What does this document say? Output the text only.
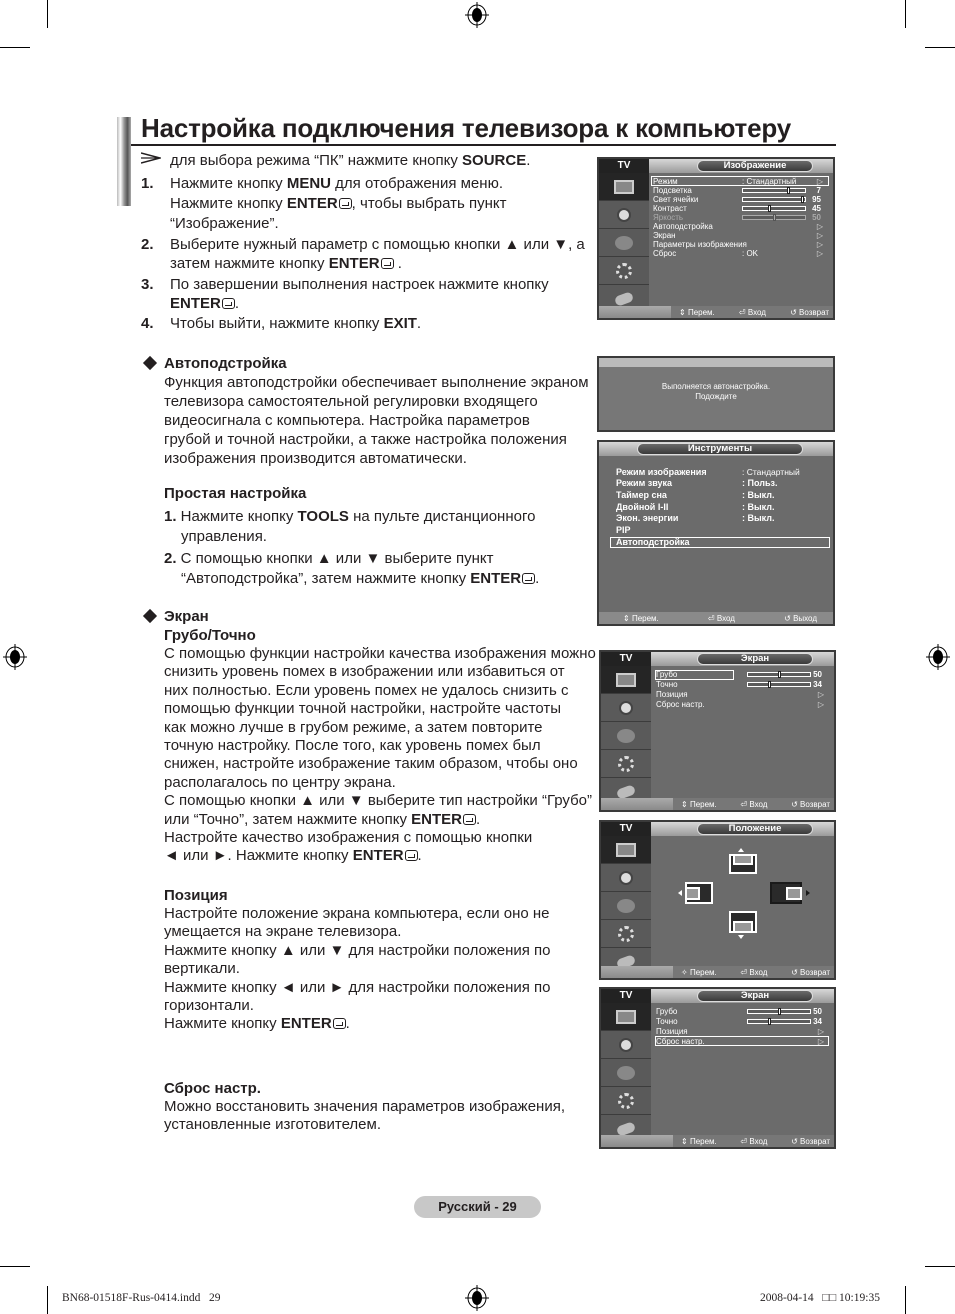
Настройка подключения телевизора к компьютеру
для выбора режима “ПК” нажмите кнопку SOURCE.
1. Нажмите кнопку MENU для отображения меню.
Нажмите кнопку ENTER , чтобы выбрать пункт
“Изображение”.
2. Выберите нужный параметр с помощью кнопки ▲ или ▼, а
затем нажмите кнопку ENTER .
3. По завершении выполнения настроек нажмите кнопку
ENTER .
4. Чтобы выйти, нажмите кнопку EXIT.
Автоподстройка
Функция автоподстройки обеспечивает выполнение экраном
телевизора самостоятельной регулировки входящего
видеосигнала с компьютера. Настройка параметров
грубой и точной настройки, а также настройка положения
изображения производится автоматически.
Простая настройка
1. Нажмите кнопку TOOLS на пульте дистанционного
управления.
2. С помощью кнопки ▲ или ▼ выберите пункт
“Автоподстройка”, затем нажмите кнопку ENTER .
Экран
Грубо/Точно
С помощью функции настройки качества изображения можно
снизить уровень помех в изображении или избавиться от
них полностью. Если уровень помех не удалось снизить с
помощью функции точной настройки, настройте частоты
как можно лучше в грубом режиме, а затем повторите
точную настройку. После того, как уровень помех был
снижен, настройте изображение таким образом, чтобы оно
располагалось по центру экрана.
С помощью кнопки ▲ или ▼ выберите тип настройки “Грубо”
или “Точно”, затем нажмите кнопку ENTER .
Настройте качество изображения с помощью кнопки
◄ или ►. Нажмите кнопку ENTER .
Позиция
Настройте положение экрана компьютера, если оно не
умещается на экране телевизора.
Нажмите кнопку ▲ или ▼ для настройки положения по
вертикали.
Нажмите кнопку ◄ или ► для настройки положения по
горизонтали.
Нажмите кнопку ENTER .
Сброс настр.
Можно восстановить значения параметров изображения,
установленные изготовителем.
TV	Изображение
Режим	: Стандартный	▷
Подсветка	7
Свет ячейки	95
Контраст	45
Яркость	50
Автоподстройка	▷
Экран	▷
Параметры изображения	▷
Сброс	: OK	▷
⇕ Перем.	⏎ Вход	↺ Возврат
Выполняется автонастройка.
Подождите
Инструменты
Режим изображения	: Стандартный
Режим звука	: Польз.
Таймер сна	: Выкл.
Двойной I-II	: Выкл.
Экон. энергии	: Выкл.
PIP
Автоподстройка
⇕ Перем.	⏎ Вход	↺ Выход
TV	Экран
Грубо	50
Точно	34
Позиция	▷
Сброс настр.	▷
⇕ Перем.	⏎ Вход	↺ Возврат
TV	Положение
✧ Перем.	⏎ Вход	↺ Возврат
TV	Экран
Грубо	50
Точно	34
Позиция	▷
Сброс настр.	▷
⇕ Перем.	⏎ Вход	↺ Возврат
Русский - 29
BN68-01518F-Rus-0414.indd   29	2008-04-14   □□ 10:19:35
